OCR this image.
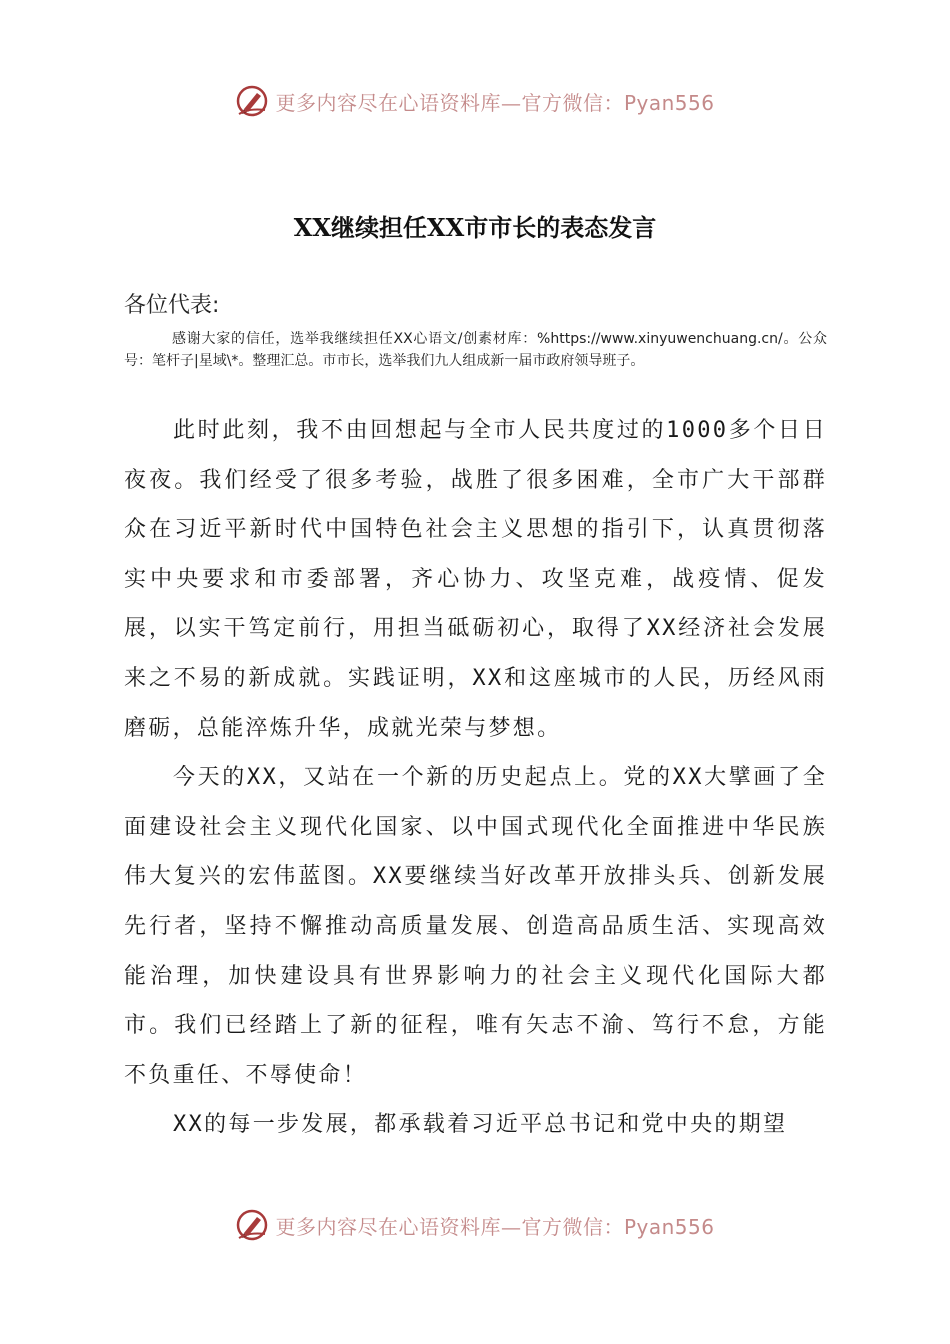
更多内容尽在心语资料库—官方微信：Pyan556
XX继续担任XX市市长的表态发言

各位代表:

感谢大家的信任，选举我继续担任XX心语文/创素材库：%https://www.xinyuwenchuang.cn/。公众号：笔杆子|星域\*。整理汇总。市市长，选举我们九人组成新一届市政府领导班子。

此时此刻，我不由回想起与全市人民共度过的1000多个日日夜夜。我们经受了很多考验，战胜了很多困难，全市广大干部群众在习近平新时代中国特色社会主义思想的指引下，认真贯彻落实中央要求和市委部署，齐心协力、攻坚克难，战疫情、促发展，以实干笃定前行，用担当砥砺初心，取得了XX经济社会发展来之不易的新成就。实践证明，XX和这座城市的人民，历经风雨磨砺，总能淬炼升华，成就光荣与梦想。

今天的XX，又站在一个新的历史起点上。党的XX大擘画了全面建设社会主义现代化国家、以中国式现代化全面推进中华民族伟大复兴的宏伟蓝图。XX要继续当好改革开放排头兵、创新发展先行者，坚持不懈推动高质量发展、创造高品质生活、实现高效能治理，加快建设具有世界影响力的社会主义现代化国际大都市。我们已经踏上了新的征程，唯有矢志不渝、笃行不怠，方能不负重任、不辱使命！

XX的每一步发展，都承载着习近平总书记和党中央的期望

更多内容尽在心语资料库—官方微信：Pyan556
